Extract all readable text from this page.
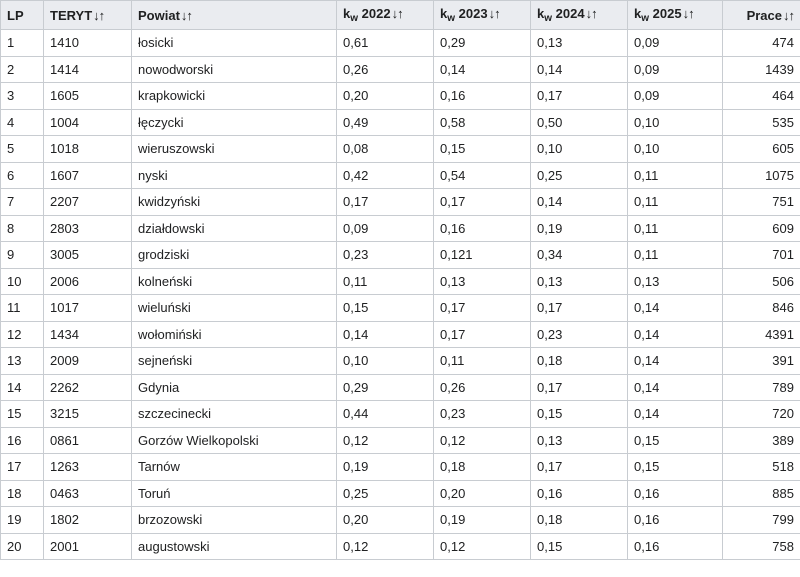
LP	TERYT↓↑	Powiat↓↑	$k_w$ 2022↓↑	$k_w$ 2023↓↑	$k_w$ 2024↓↑	$k_w$ 2025↓↑	Prace↓↑
1	1410	łosicki	0,61	0,29	0,13	0,09	474
2	1414	nowodworski	0,26	0,14	0,14	0,09	1439
3	1605	krapkowicki	0,20	0,16	0,17	0,09	464
4	1004	łęczycki	0,49	0,58	0,50	0,10	535
5	1018	wieruszowski	0,08	0,15	0,10	0,10	605
6	1607	nyski	0,42	0,54	0,25	0,11	1075
7	2207	kwidzyński	0,17	0,17	0,14	0,11	751
8	2803	działdowski	0,09	0,16	0,19	0,11	609
9	3005	grodziski	0,23	0,121	0,34	0,11	701
10	2006	kolneński	0,11	0,13	0,13	0,13	506
11	1017	wieluński	0,15	0,17	0,17	0,14	846
12	1434	wołomiński	0,14	0,17	0,23	0,14	4391
13	2009	sejneński	0,10	0,11	0,18	0,14	391
14	2262	Gdynia	0,29	0,26	0,17	0,14	789
15	3215	szczecinecki	0,44	0,23	0,15	0,14	720
16	0861	Gorzów Wielkopolski	0,12	0,12	0,13	0,15	389
17	1263	Tarnów	0,19	0,18	0,17	0,15	518
18	0463	Toruń	0,25	0,20	0,16	0,16	885
19	1802	brzozowski	0,20	0,19	0,18	0,16	799
20	2001	augustowski	0,12	0,12	0,15	0,16	758
